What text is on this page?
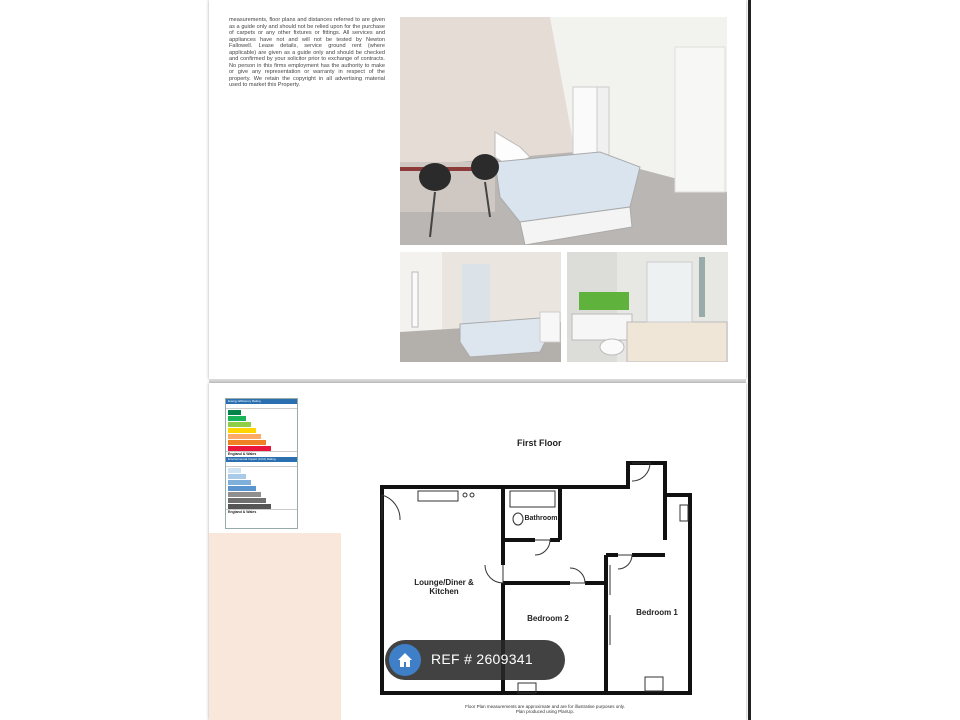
measurements, floor plans and distances referred to are given as a guide only and should not be relied upon for the purchase of carpets or any other fixtures or fittings. All services and appliances have not and will not be tested by Newton Fallowell. Lease details, service ground rent (where applicable) are given as a guide only and should be checked and confirmed by your solicitor prior to exchange of contracts. No person in this firms employment has the authority to make or give any representation or warranty in respect of the property. We retain the copyright in all advertising material used to market this Property.
Energy Efficiency Rating
England & Wales
Environmental Impact (CO2) Rating
England & Wales
First Floor
Bathroom
Lounge/Diner & Kitchen
Bedroom 2
Bedroom 1
Floor Plan measurements are approximate and are for illustrative purposes only.
Plan produced using PlanUp.
REF # 2609341
